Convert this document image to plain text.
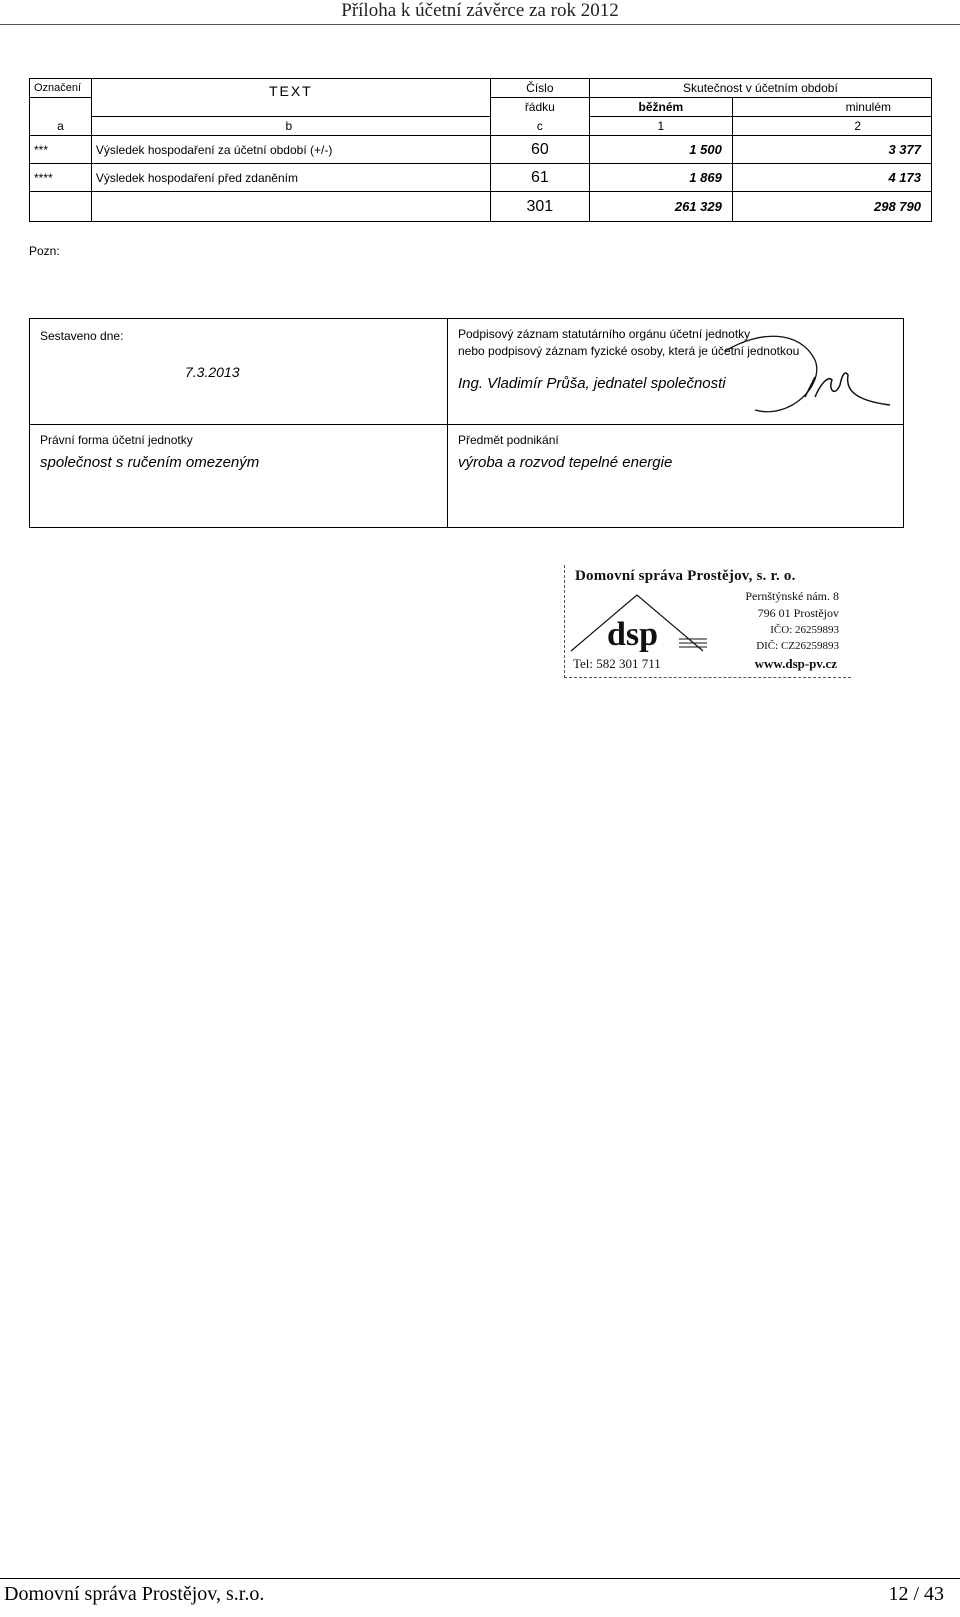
Příloha k účetní závěrce za rok 2012
Označení	TEXT	Číslo	Skutečnost v účetním období	
		řádku	běžném	minulém
a	b	c	1	2
***	Výsledek hospodaření za účetní období (+/-)	60	1 500	3 377
****	Výsledek hospodaření před zdaněním	61	1 869	4 173
		301	261 329	298 790
Pozn:
Sestaveno dne:
7.3.2013
Podpisový záznam statutárního orgánu účetní jednotky
nebo podpisový záznam fyzické osoby, která je účetní jednotkou
Ing. Vladimír Průša, jednatel společnosti
Právní forma účetní jednotky
společnost s ručením omezeným
Předmět podnikání
výroba a rozvod tepelné energie
Domovní správa Prostějov, s. r. o.
Pernštýnské nám. 8
796 01 Prostějov
IČO: 26259893
DIČ: CZ26259893
dsp
Tel: 582 301 711	www.dsp-pv.cz
Domovní správa Prostějov, s.r.o.	12 / 43
